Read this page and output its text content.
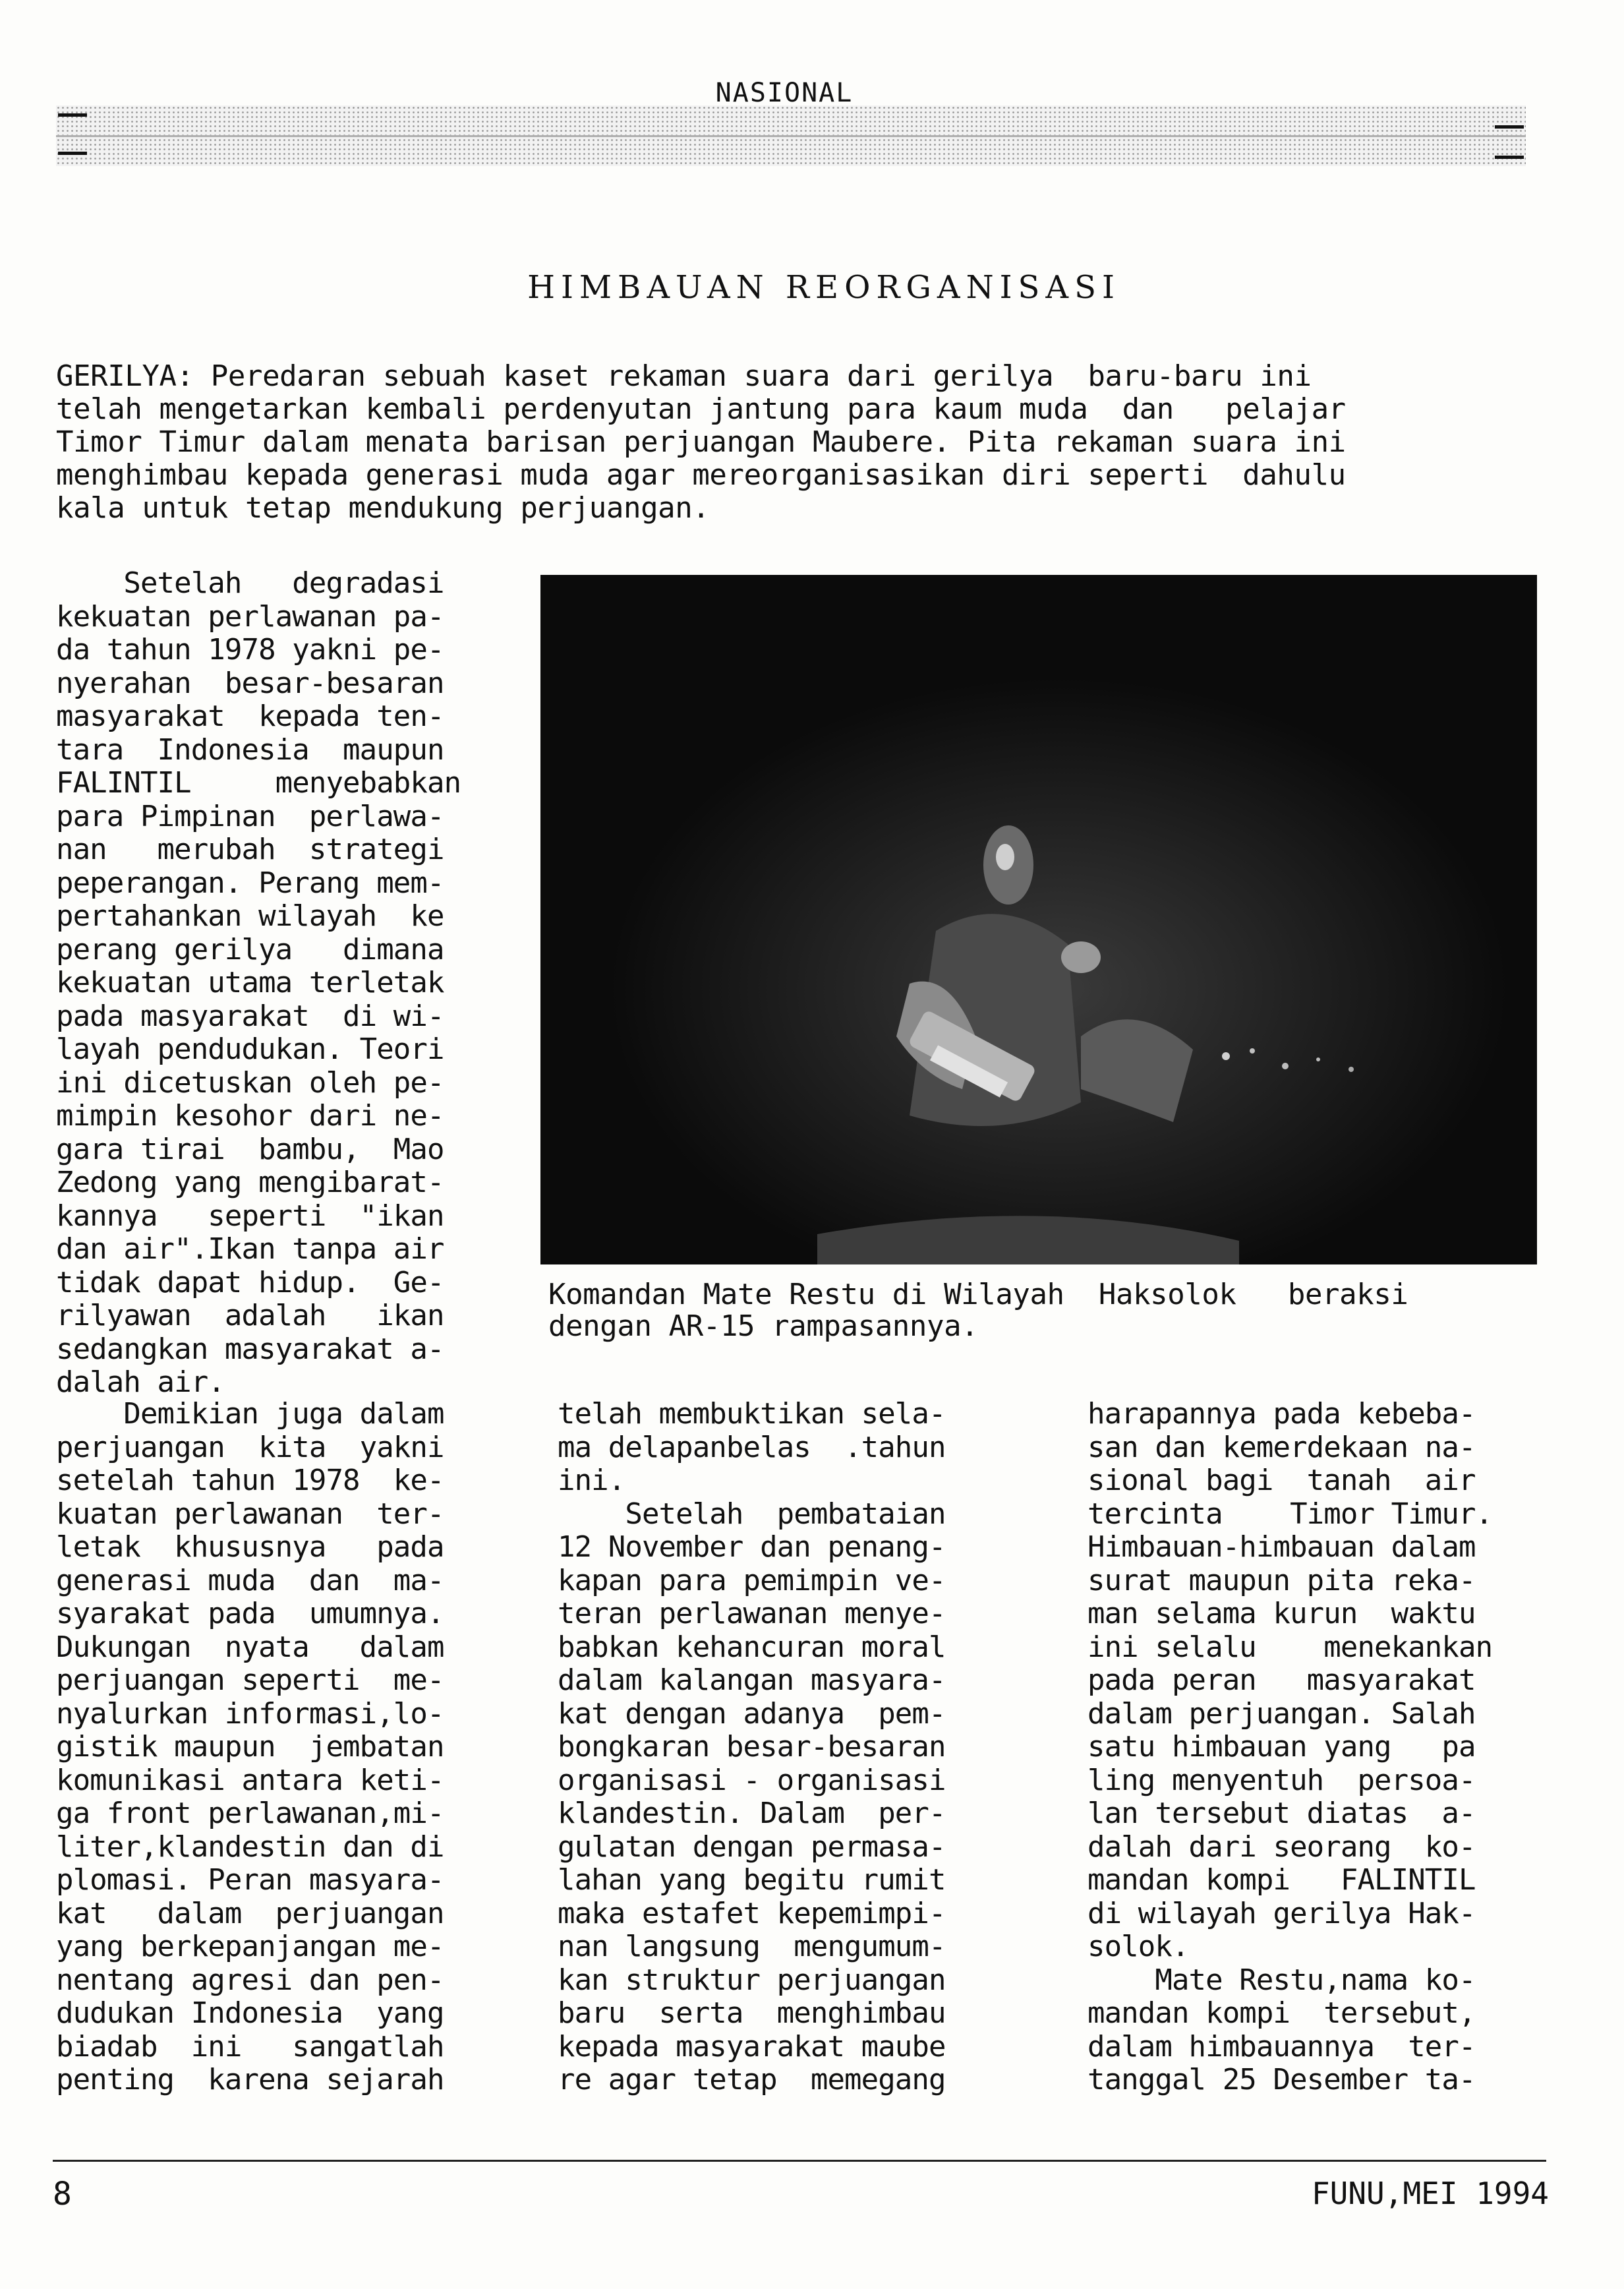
NASIONAL
HIMBAUAN REORGANISASI
GERILYA: Peredaran sebuah kaset rekaman suara dari gerilya  baru-baru ini
telah mengetarkan kembali perdenyutan jantung para kaum muda  dan   pelajar
Timor Timur dalam menata barisan perjuangan Maubere. Pita rekaman suara ini
menghimbau kepada generasi muda agar mereorganisasikan diri seperti  dahulu
kala untuk tetap mendukung perjuangan.
Setelah   degradasi
kekuatan perlawanan pa-
da tahun 1978 yakni pe-
nyerahan  besar-besaran
masyarakat  kepada ten-
tara  Indonesia  maupun
FALINTIL     menyebabkan
para Pimpinan  perlawa-
nan   merubah  strategi
peperangan. Perang mem-
pertahankan wilayah  ke
perang gerilya   dimana
kekuatan utama terletak
pada masyarakat  di wi-
layah pendudukan. Teori
ini dicetuskan oleh pe-
mimpin kesohor dari ne-
gara tirai  bambu,  Mao
Zedong yang mengibarat-
kannya   seperti  "ikan
dan air".Ikan tanpa air
tidak dapat hidup.  Ge-
rilyawan  adalah   ikan
sedangkan masyarakat a-
dalah air.
Komandan Mate Restu di Wilayah  Haksolok   beraksi
dengan AR-15 rampasannya.
Demikian juga dalam
perjuangan  kita  yakni
setelah tahun 1978  ke-
kuatan perlawanan  ter-
letak  khususnya   pada
generasi muda  dan  ma-
syarakat pada  umumnya.
Dukungan  nyata   dalam
perjuangan seperti  me-
nyalurkan informasi,lo-
gistik maupun  jembatan
komunikasi antara keti-
ga front perlawanan,mi-
liter,klandestin dan di
plomasi. Peran masyara-
kat   dalam  perjuangan
yang berkepanjangan me-
nentang agresi dan pen-
dudukan Indonesia  yang
biadab  ini   sangatlah
penting  karena sejarah
telah membuktikan sela-
ma delapanbelas  .tahun
ini.
Setelah  pembataian
12 November dan penang-
kapan para pemimpin ve-
teran perlawanan menye-
babkan kehancuran moral
dalam kalangan masyara-
kat dengan adanya  pem-
bongkaran besar-besaran
organisasi - organisasi
klandestin. Dalam  per-
gulatan dengan permasa-
lahan yang begitu rumit
maka estafet kepemimpi-
nan langsung  mengumum-
kan struktur perjuangan
baru  serta  menghimbau
kepada masyarakat maube
re agar tetap  memegang
harapannya pada kebeba-
san dan kemerdekaan na-
sional bagi  tanah  air
tercinta    Timor Timur.
Himbauan-himbauan dalam
surat maupun pita reka-
man selama kurun  waktu
ini selalu    menekankan
pada peran   masyarakat
dalam perjuangan. Salah
satu himbauan yang   pa
ling menyentuh  persoa-
lan tersebut diatas  a-
dalah dari seorang  ko-
mandan kompi   FALINTIL
di wilayah gerilya Hak-
solok.
Mate Restu,nama ko-
mandan kompi  tersebut,
dalam himbauannya  ter-
tanggal 25 Desember ta-
8	FUNU,MEI 1994
